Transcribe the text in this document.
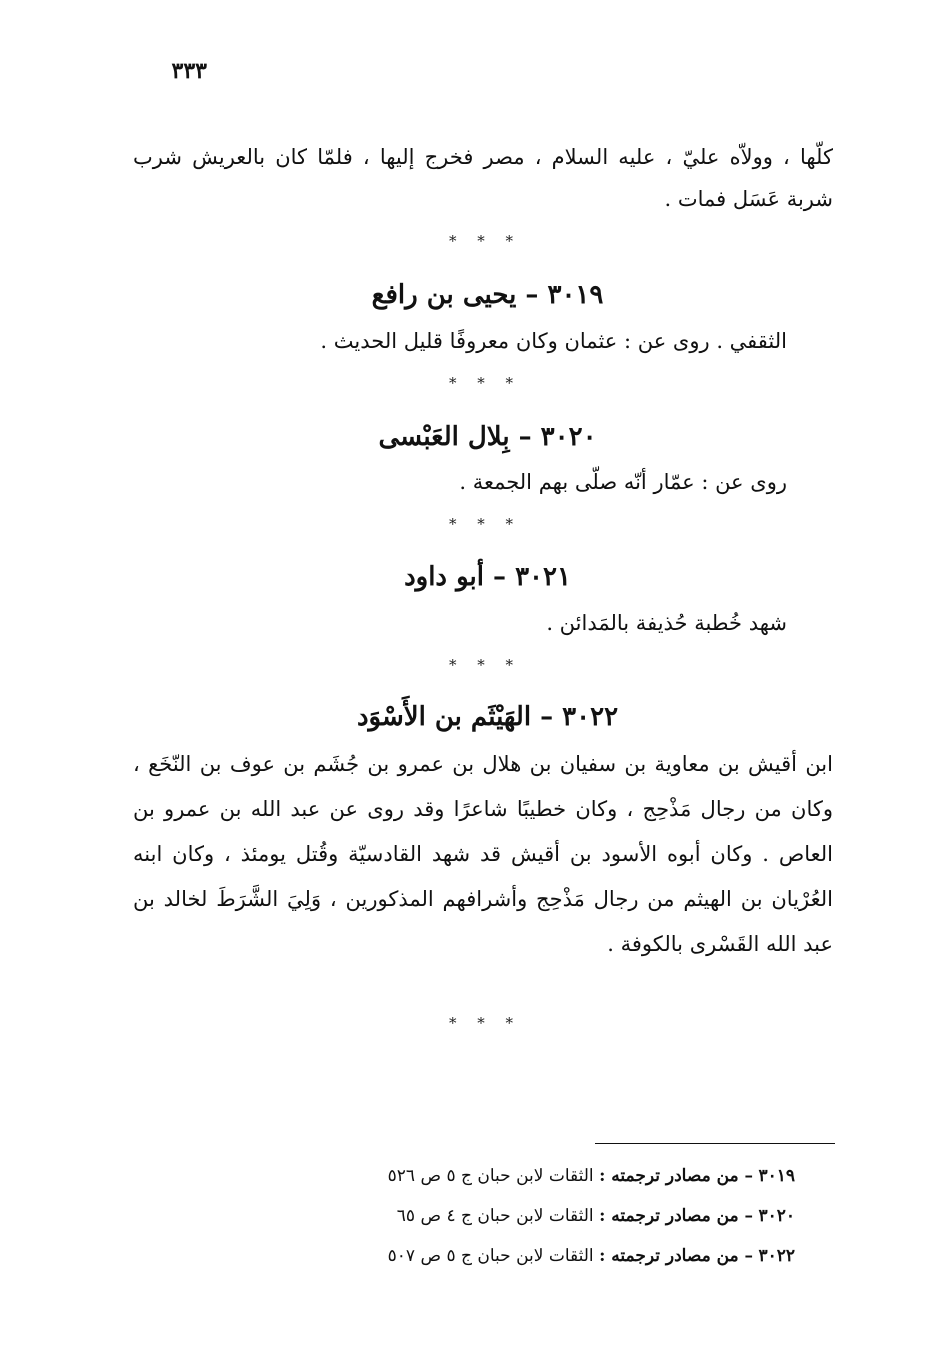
٣٣٣
كلّها ، وولاّه عليّ ، عليه السلام ، مصر فخرج إليها ، فلمّا كان بالعريش شرب شربة عَسَل فمات .
* * *
٣٠١٩ – يحيى بن رافع
الثقفي . روى عن : عثمان وكان معروفًا قليل الحديث .
* * *
٣٠٢٠ – بِلال العَبْسى
روى عن : عمّار أنّه صلّى بهم الجمعة .
* * *
٣٠٢١ – أبو داود
شهد خُطبة حُذيفة بالمَدائن .
* * *
٣٠٢٢ – الهَيْثَم بن الأَسْوَد
ابن أقيش بن معاوية بن سفيان بن هلال بن عمرو بن جُشَم بن عوف بن النّخَع ، وكان من رجال مَذْحِج ، وكان خطيبًا شاعرًا وقد روى عن عبد الله بن عمرو بن العاص . وكان أبوه الأسود بن أقيش قد شهد القادسيّة وقُتل يومئذ ، وكان ابنه العُرْيان بن الهيثم من رجال مَذْحِج وأشرافهم المذكورين ، وَلِيَ الشَّرَطَ لخالد بن عبد الله القَسْرى بالكوفة .
* * *
٣٠١٩ – من مصادر ترجمته : الثقات لابن حبان ج ٥ ص ٥٢٦
٣٠٢٠ – من مصادر ترجمته : الثقات لابن حبان ج ٤ ص ٦٥
٣٠٢٢ – من مصادر ترجمته : الثقات لابن حبان ج ٥ ص ٥٠٧
